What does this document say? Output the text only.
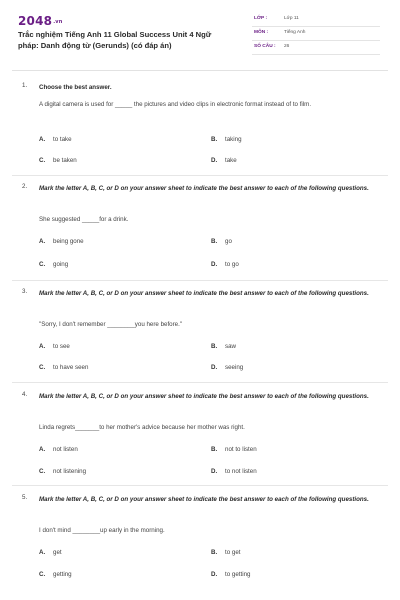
2048.vn
Trắc nghiệm Tiếng Anh 11 Global Success Unit 4 Ngữ pháp: Danh động từ (Gerunds) (có đáp án)
LỚP :	Lớp 11
MÔN :	Tiếng Anh
SỐ CÂU : 26
1. Choose the best answer.
A digital camera is used for _____ the pictures and video clips in electronic format instead of to film.
A. to take	B. taking
C. be taken	D. take
2. Mark the letter A, B, C, or D on your answer sheet to indicate the best answer to each of the following questions.
She suggested _____for a drink.
A. being gone	B. go
C. going	D. to go
3. Mark the letter A, B, C, or D on your answer sheet to indicate the best answer to each of the following questions.
"Sorry, I don't remember ________you here before."
A. to see	B. saw
C. to have seen	D. seeing
4. Mark the letter A, B, C, or D on your answer sheet to indicate the best answer to each of the following questions.
Linda regrets_______to her mother's advice because her mother was right.
A. not listen	B. not to listen
C. not listening	D. to not listen
5. Mark the letter A, B, C, or D on your answer sheet to indicate the best answer to each of the following questions.
I don't mind ________up early in the morning.
A. get	B. to get
C. getting	D. to getting
